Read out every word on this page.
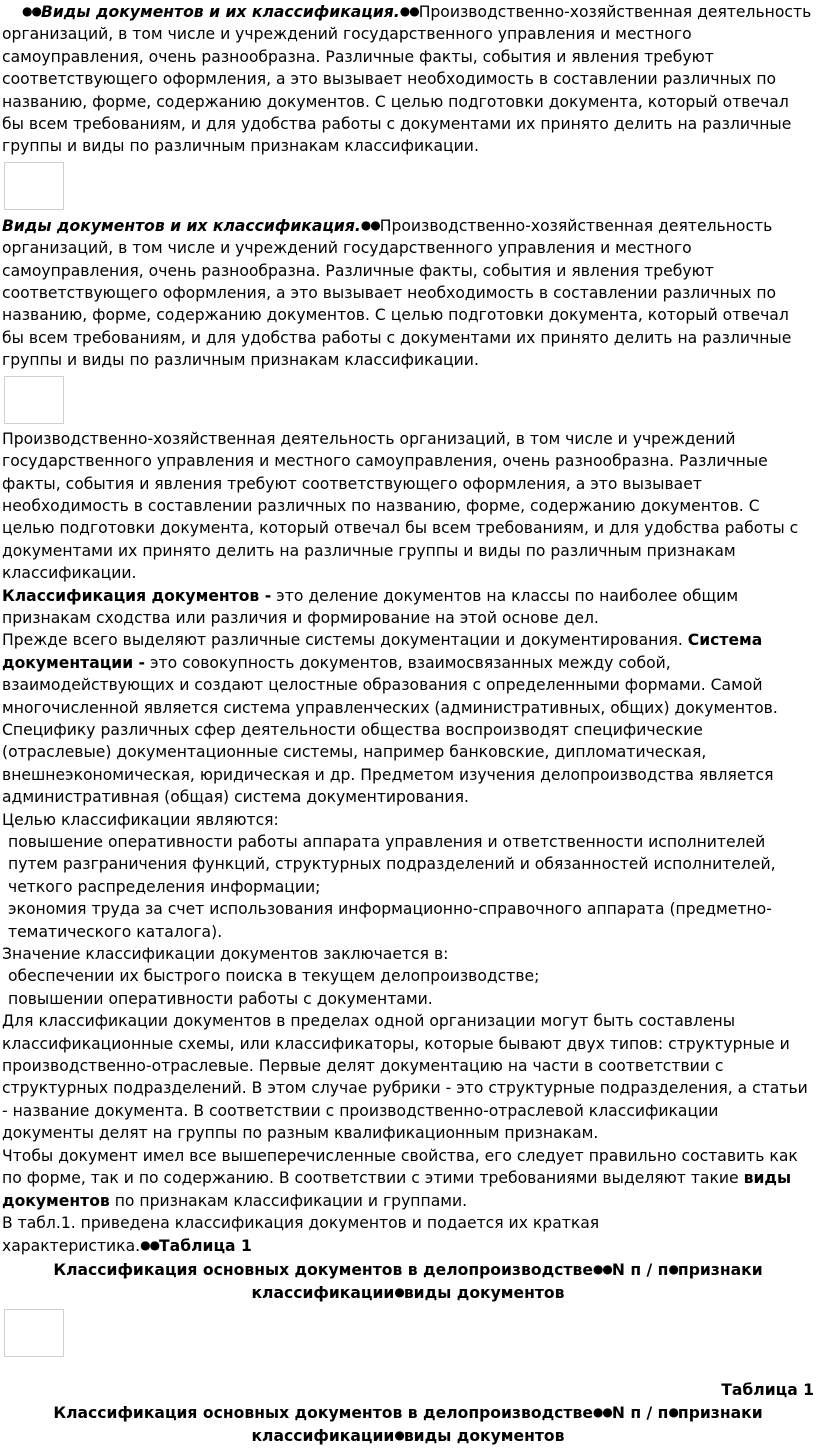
●●Виды документов и их классификация.●●Производственно-хозяйственная деятельность организаций, в том числе и учреждений государственного управления и местного самоуправления, очень разнообразна. Различные факты, события и явления требуют соответствующего оформления, а это вызывает необходимость в составлении различных по названию, форме, содержанию документов. С целью подготовки документа, который отвечал бы всем требованиям, и для удобства работы с документами их принято делить на различные группы и виды по различным признакам классификации.

Виды документов и их классификация.●●Производственно-хозяйственная деятельность организаций, в том числе и учреждений государственного управления и местного самоуправления, очень разнообразна. Различные факты, события и явления требуют соответствующего оформления, а это вызывает необходимость в составлении различных по названию, форме, содержанию документов. С целью подготовки документа, который отвечал бы всем требованиям, и для удобства работы с документами их принято делить на различные группы и виды по различным признакам классификации.

Производственно-хозяйственная деятельность организаций, в том числе и учреждений государственного управления и местного самоуправления, очень разнообразна. Различные факты, события и явления требуют соответствующего оформления, а это вызывает необходимость в составлении различных по названию, форме, содержанию документов. С целью подготовки документа, который отвечал бы всем требованиям, и для удобства работы с документами их принято делить на различные группы и виды по различным признакам классификации.

Классификация документов - это деление документов на классы по наиболее общим признакам сходства или различия и формирование на этой основе дел.

Прежде всего выделяют различные системы документации и документирования. Система документации - это совокупность документов, взаимосвязанных между собой, взаимодействующих и создают целостные образования с определенными формами. Самой многочисленной является система управленческих (административных, общих) документов. Специфику различных сфер деятельности общества воспроизводят специфические (отраслевые) документационные системы, например банковские, дипломатическая, внешнеэкономическая, юридическая и др. Предметом изучения делопроизводства является административная (общая) система документирования.

Целью классификации являются:

повышение оперативности работы аппарата управления и ответственности исполнителей путем разграничения функций, структурных подразделений и обязанностей исполнителей, четкого распределения информации;

экономия труда за счет использования информационно-справочного аппарата (предметно-тематического каталога).

Значение классификации документов заключается в:

обеспечении их быстрого поиска в текущем делопроизводстве;

повышении оперативности работы с документами.

Для классификации документов в пределах одной организации могут быть составлены классификационные схемы, или классификаторы, которые бывают двух типов: структурные и производственно-отраслевые. Первые делят документацию на части в соответствии с структурных подразделений. В этом случае рубрики - это структурные подразделения, а статьи - название документа. В соответствии с производственно-отраслевой классификации документы делят на группы по разным квалификационным признакам.

Чтобы документ имел все вышеперечисленные свойства, его следует правильно составить как по форме, так и по содержанию. В соответствии с этими требованиями выделяют такие виды документов по признакам классификации и группами.

В табл.1. приведена классификация документов и подается их краткая характеристика.●●Таблица 1

Классификация основных документов в делопроизводстве●●N п / п●признаки классификации●виды документов

Таблица 1

Классификация основных документов в делопроизводстве●●N п / п●признаки классификации●виды документов
